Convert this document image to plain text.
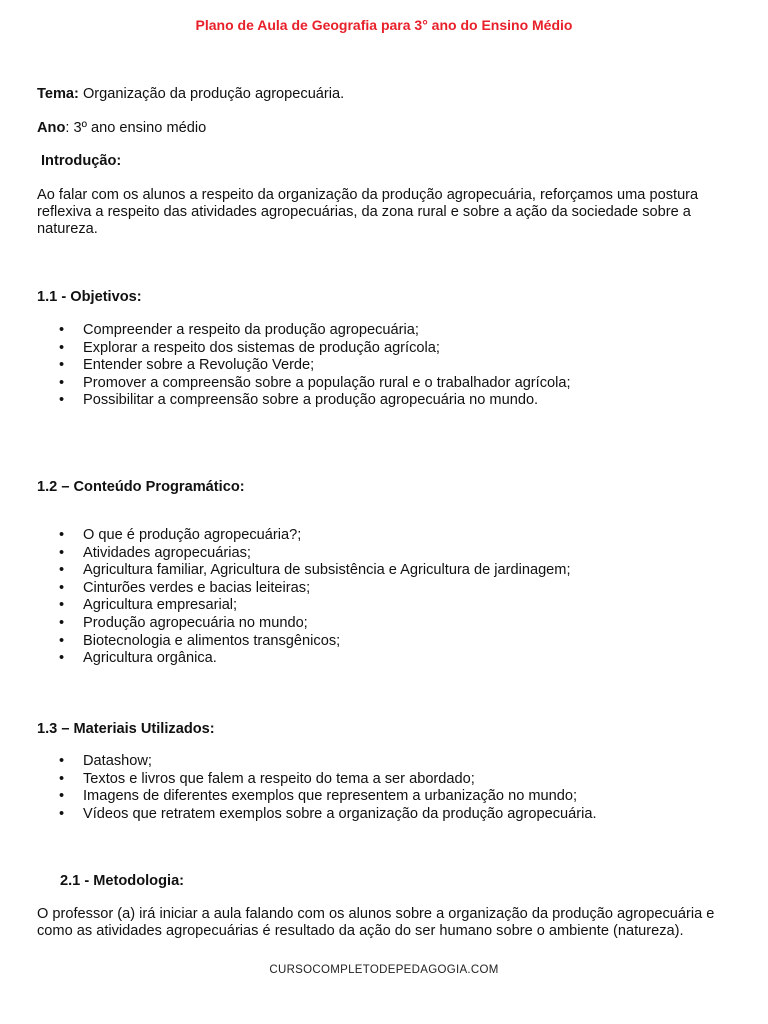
Plano de Aula de Geografia para 3° ano do Ensino Médio
Tema: Organização da produção agropecuária.
Ano: 3º ano ensino médio
Introdução:
Ao falar com os alunos a respeito da organização da produção agropecuária, reforçamos uma postura reflexiva a respeito das atividades agropecuárias, da zona rural e sobre a ação da sociedade sobre a natureza.
1.1 - Objetivos:
• Compreender a respeito da produção agropecuária;
• Explorar a respeito dos sistemas de produção agrícola;
• Entender sobre a Revolução Verde;
• Promover a compreensão sobre a população rural e o trabalhador agrícola;
• Possibilitar a compreensão sobre a produção agropecuária no mundo.
1.2 – Conteúdo Programático:
• O que é produção agropecuária?;
• Atividades agropecuárias;
• Agricultura familiar, Agricultura de subsistência e Agricultura de jardinagem;
• Cinturões verdes e bacias leiteiras;
• Agricultura empresarial;
• Produção agropecuária no mundo;
• Biotecnologia e alimentos transgênicos;
• Agricultura orgânica.
1.3 – Materiais Utilizados:
• Datashow;
• Textos e livros que falem a respeito do tema a ser abordado;
• Imagens de diferentes exemplos que representem a urbanização no mundo;
• Vídeos que retratem exemplos sobre a organização da produção agropecuária.
2.1 - Metodologia:
O professor (a) irá iniciar a aula falando com os alunos sobre a organização da produção agropecuária e como as atividades agropecuárias é resultado da ação do ser humano sobre o ambiente (natureza).
CURSOCOMPLETODEPEDAGOGIA.COM
